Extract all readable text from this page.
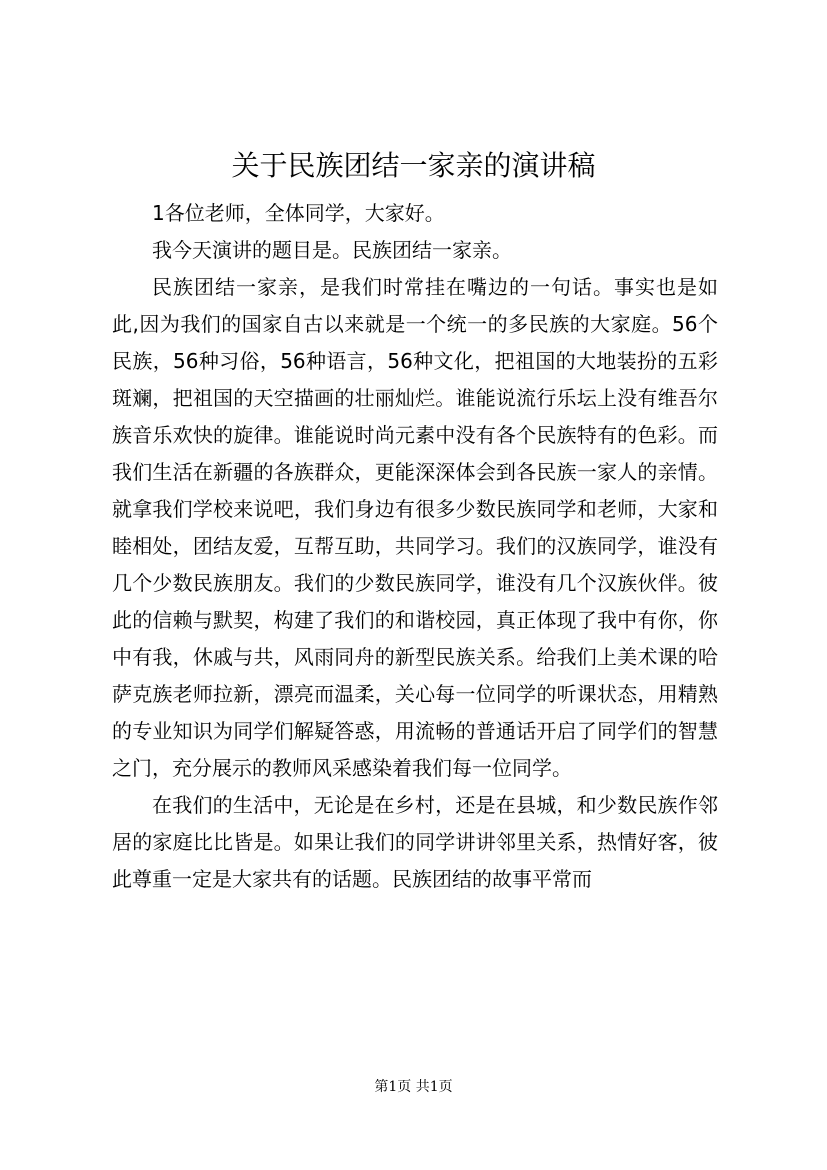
关于民族团结一家亲的演讲稿

1各位老师，全体同学，大家好。

我今天演讲的题目是。民族团结一家亲。

民族团结一家亲，是我们时常挂在嘴边的一句话。事实也是如此,因为我们的国家自古以来就是一个统一的多民族的大家庭。56个民族，56种习俗，56种语言，56种文化，把祖国的大地装扮的五彩斑斓，把祖国的天空描画的壮丽灿烂。谁能说流行乐坛上没有维吾尔族音乐欢快的旋律。谁能说时尚元素中没有各个民族特有的色彩。而我们生活在新疆的各族群众，更能深深体会到各民族一家人的亲情。就拿我们学校来说吧，我们身边有很多少数民族同学和老师，大家和睦相处，团结友爱，互帮互助，共同学习。我们的汉族同学，谁没有几个少数民族朋友。我们的少数民族同学，谁没有几个汉族伙伴。彼此的信赖与默契，构建了我们的和谐校园，真正体现了我中有你，你中有我，休戚与共，风雨同舟的新型民族关系。给我们上美术课的哈萨克族老师拉新，漂亮而温柔，关心每一位同学的听课状态，用精熟的专业知识为同学们解疑答惑，用流畅的普通话开启了同学们的智慧之门，充分展示的教师风采感染着我们每一位同学。

在我们的生活中，无论是在乡村，还是在县城，和少数民族作邻居的家庭比比皆是。如果让我们的同学讲讲邻里关系，热情好客，彼此尊重一定是大家共有的话题。民族团结的故事平常而

第1页 共1页
